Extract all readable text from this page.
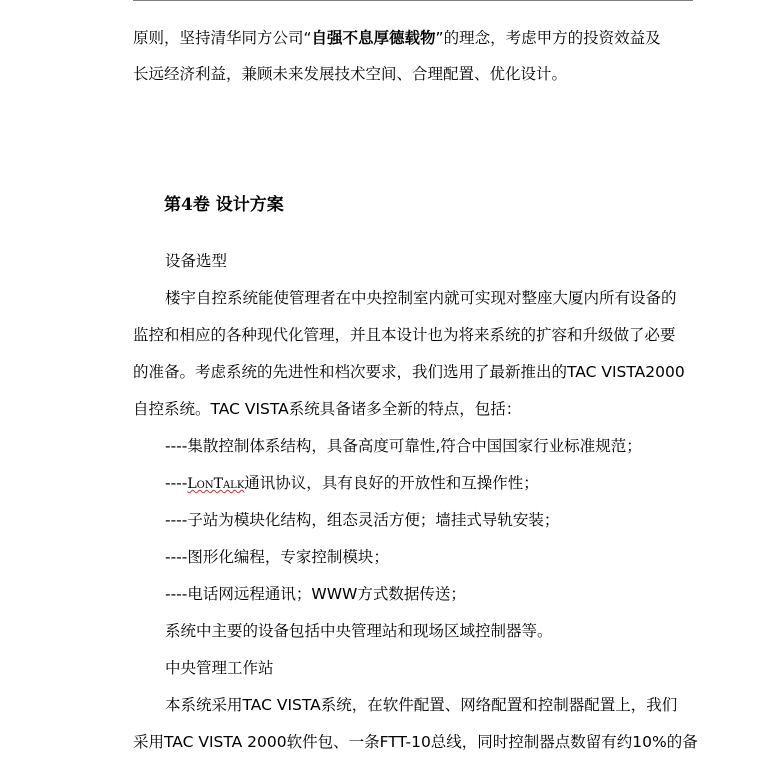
原则，坚持清华同方公司“自强不息厚德载物”的理念，考虑甲方的投资效益及
长远经济利益，兼顾未来发展技术空间、合理配置、优化设计。
第4卷 设计方案
设备选型
楼宇自控系统能使管理者在中央控制室内就可实现对整座大厦内所有设备的
监控和相应的各种现代化管理，并且本设计也为将来系统的扩容和升级做了必要
的准备。考虑系统的先进性和档次要求，我们选用了最新推出的TAC VISTA2000
自控系统。TAC VISTA系统具备诸多全新的特点，包括：
----集散控制体系结构，具备高度可靠性,符合中国国家行业标准规范；
----LonTalk通讯协议，具有良好的开放性和互操作性；
----子站为模块化结构，组态灵活方便；墙挂式导轨安装；
----图形化编程，专家控制模块；
----电话网远程通讯；WWW方式数据传送；
系统中主要的设备包括中央管理站和现场区域控制器等。
中央管理工作站
本系统采用TAC VISTA系统，在软件配置、网络配置和控制器配置上，我们
采用TAC VISTA 2000软件包、一条FTT-10总线，同时控制器点数留有约10%的备
